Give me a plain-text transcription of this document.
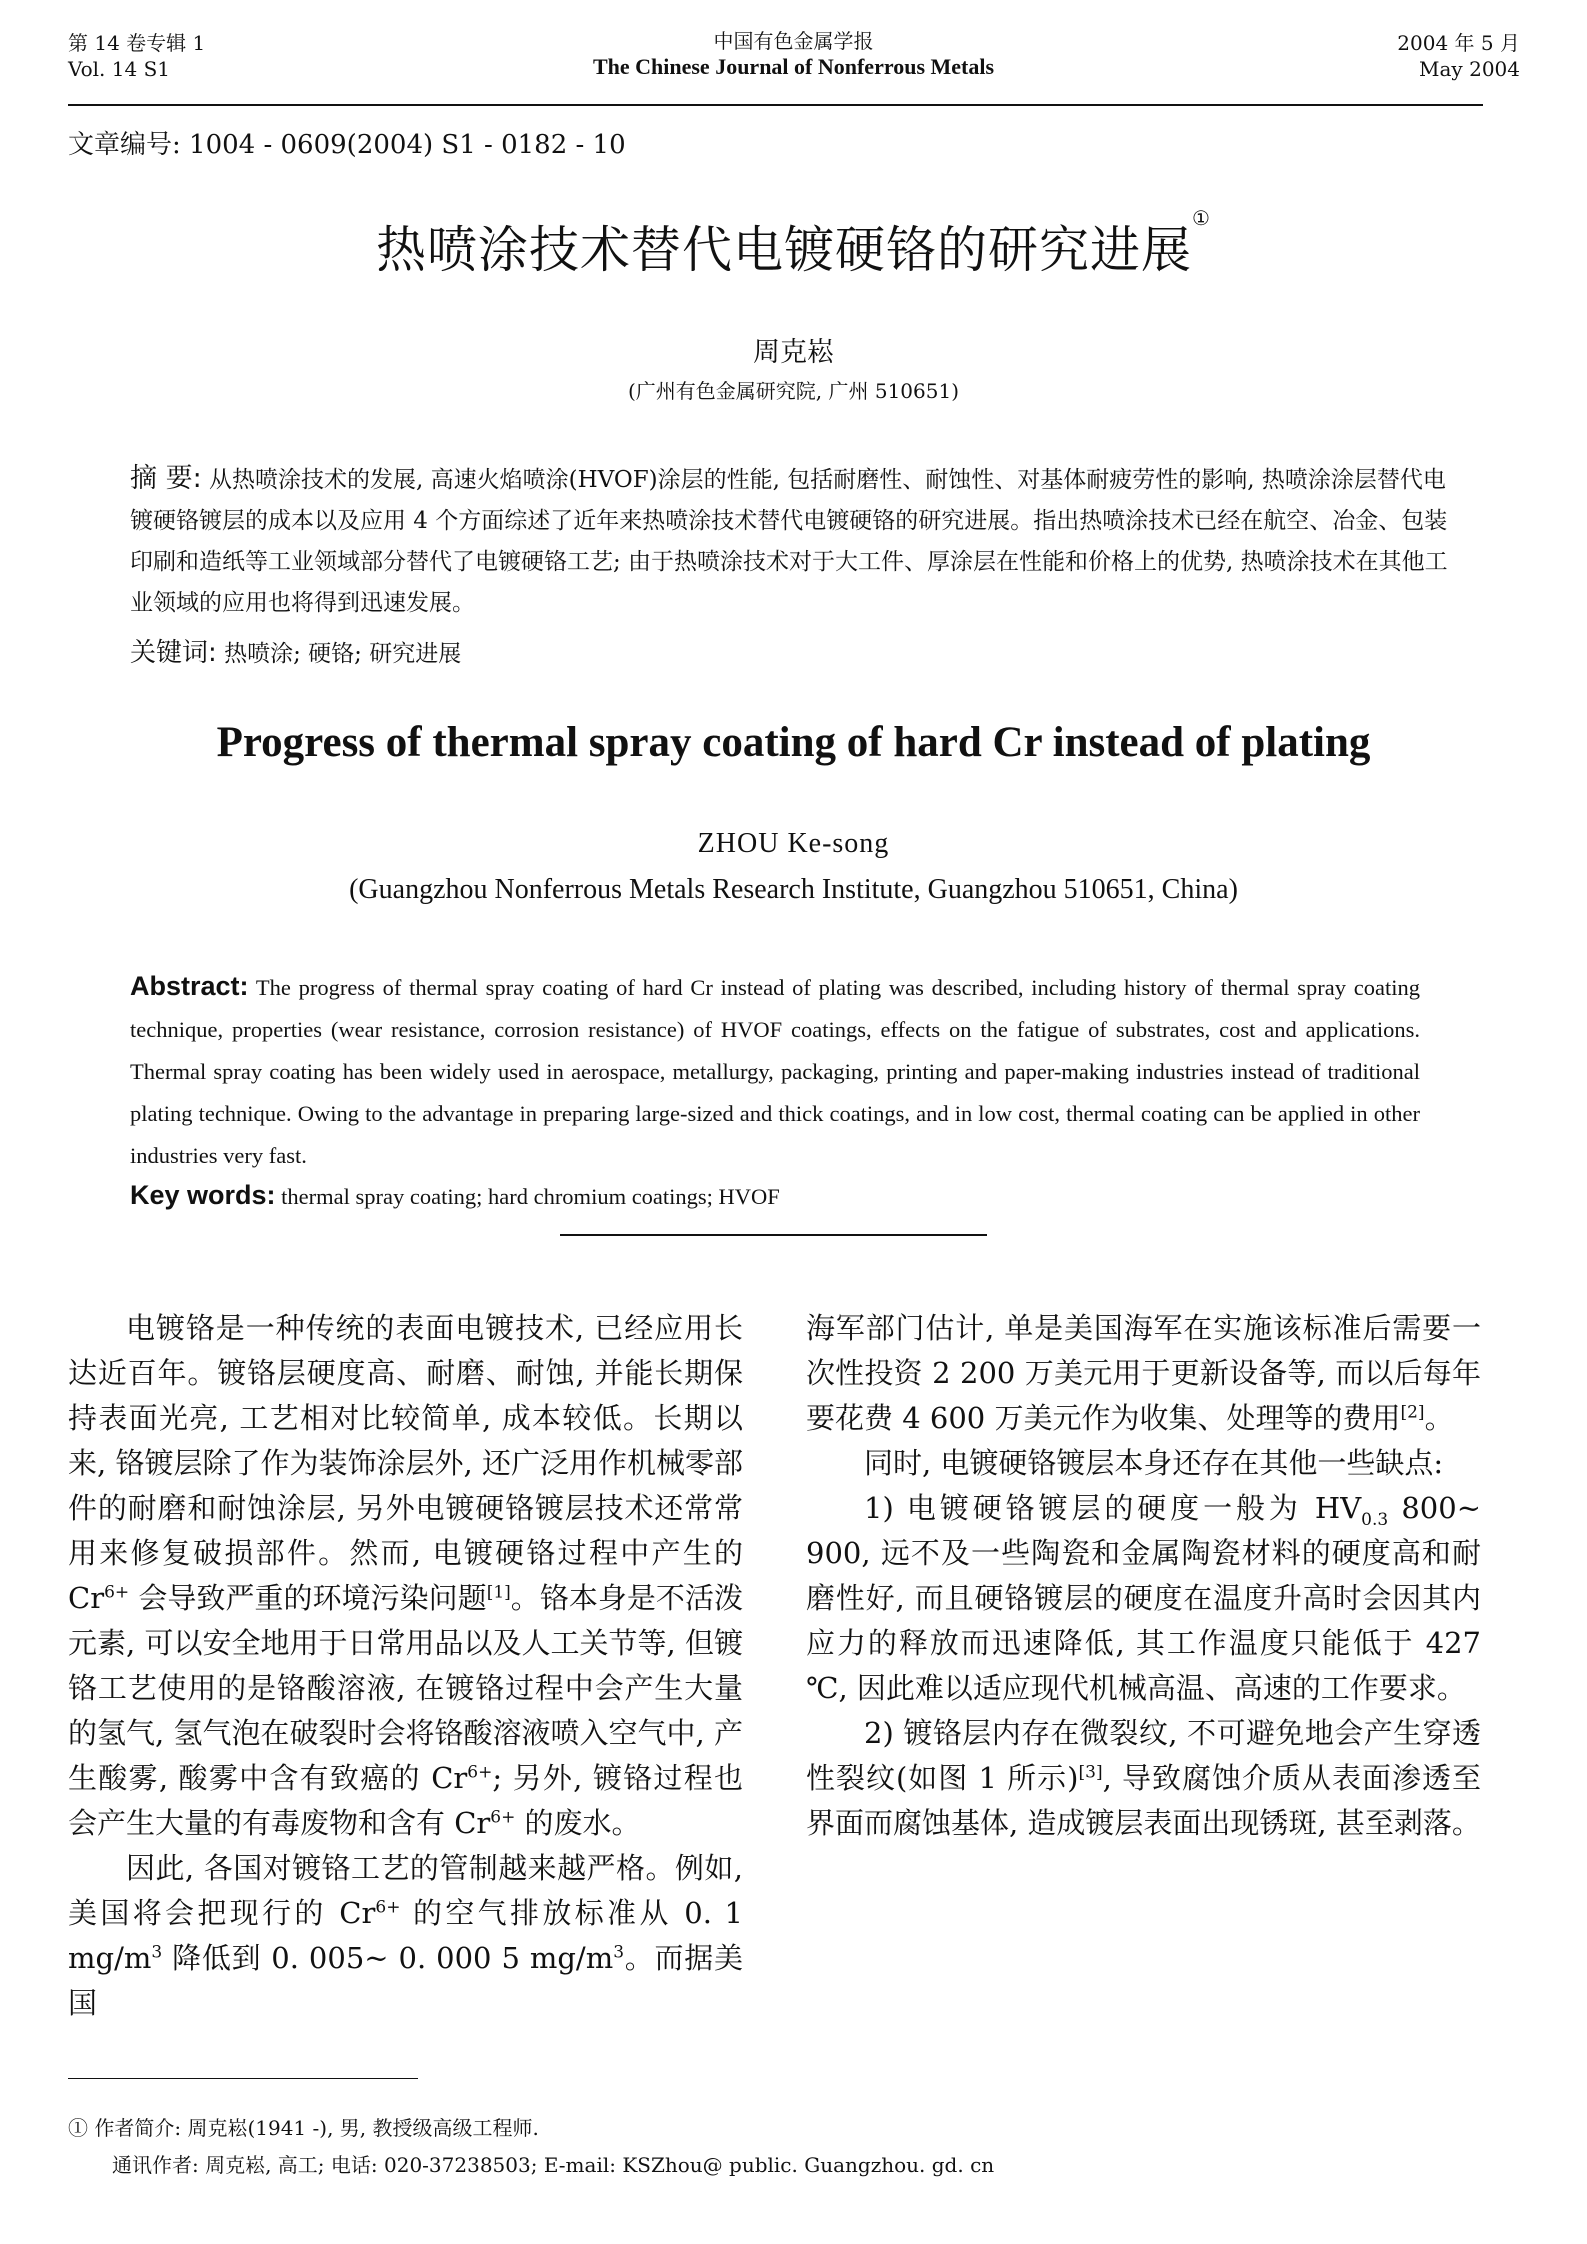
第 14 卷专辑 1
Vol. 14 S1
中国有色金属学报
The Chinese Journal of Nonferrous Metals
2004 年 5 月
May 2004
文章编号: 1004 - 0609(2004) S1 - 0182 - 10
热喷涂技术替代电镀硬铬的研究进展①
周克崧
(广州有色金属研究院, 广州 510651)
摘 要: 从热喷涂技术的发展, 高速火焰喷涂(HVOF)涂层的性能, 包括耐磨性、耐蚀性、对基体耐疲劳性的影响, 热喷涂涂层替代电镀硬铬镀层的成本以及应用 4 个方面综述了近年来热喷涂技术替代电镀硬铬的研究进展。指出热喷涂技术已经在航空、冶金、包装印刷和造纸等工业领域部分替代了电镀硬铬工艺; 由于热喷涂技术对于大工件、厚涂层在性能和价格上的优势, 热喷涂技术在其他工业领域的应用也将得到迅速发展。
关键词: 热喷涂; 硬铬; 研究进展
Progress of thermal spray coating of hard Cr instead of plating
ZHOU Ke-song
(Guangzhou Nonferrous Metals Research Institute, Guangzhou 510651, China)
Abstract: The progress of thermal spray coating of hard Cr instead of plating was described, including history of thermal spray coating technique, properties (wear resistance, corrosion resistance) of HVOF coatings, effects on the fatigue of substrates, cost and applications. Thermal spray coating has been widely used in aerospace, metallurgy, packaging, printing and paper-making industries instead of traditional plating technique. Owing to the advantage in preparing large-sized and thick coatings, and in low cost, thermal coating can be applied in other industries very fast.
Key words: thermal spray coating; hard chromium coatings; HVOF

电镀铬是一种传统的表面电镀技术, 已经应用长达近百年。镀铬层硬度高、耐磨、耐蚀, 并能长期保持表面光亮, 工艺相对比较简单, 成本较低。长期以来, 铬镀层除了作为装饰涂层外, 还广泛用作机械零部件的耐磨和耐蚀涂层, 另外电镀硬铬镀层技术还常常用来修复破损部件。然而, 电镀硬铬过程中产生的 $Cr^{6+}$ 会导致严重的环境污染问题[1]。铬本身是不活泼元素, 可以安全地用于日常用品以及人工关节等, 但镀铬工艺使用的是铬酸溶液, 在镀铬过程中会产生大量的氢气, 氢气泡在破裂时会将铬酸溶液喷入空气中, 产生酸雾, 酸雾中含有致癌的 $Cr^{6+}$; 另外, 镀铬过程也会产生大量的有毒废物和含有 $Cr^{6+}$ 的废水。

因此, 各国对镀铬工艺的管制越来越严格。例如, 美国将会把现行的 $Cr^{6+}$ 的空气排放标准从 0. 1 $mg/m^3$ 降低到 0. 005~ 0. 000 5 $mg/m^3$。而据美国

海军部门估计, 单是美国海军在实施该标准后需要一次性投资 2 200 万美元用于更新设备等, 而以后每年要花费 4 600 万美元作为收集、处理等的费用[2]。

同时, 电镀硬铬镀层本身还存在其他一些缺点:

1) 电镀硬铬镀层的硬度一般为 $HV_{0.3}$ 800~ 900, 远不及一些陶瓷和金属陶瓷材料的硬度高和耐磨性好, 而且硬铬镀层的硬度在温度升高时会因其内应力的释放而迅速降低, 其工作温度只能低于 427 ℃, 因此难以适应现代机械高温、高速的工作要求。

2) 镀铬层内存在微裂纹, 不可避免地会产生穿透性裂纹(如图 1 所示)[3], 导致腐蚀介质从表面渗透至界面而腐蚀基体, 造成镀层表面出现锈斑, 甚至剥落。

① 作者简介: 周克崧(1941 -), 男, 教授级高级工程师.
通讯作者: 周克崧, 高工; 电话: 020-37238503; E-mail: KSZhou@ public. Guangzhou. gd. cn
